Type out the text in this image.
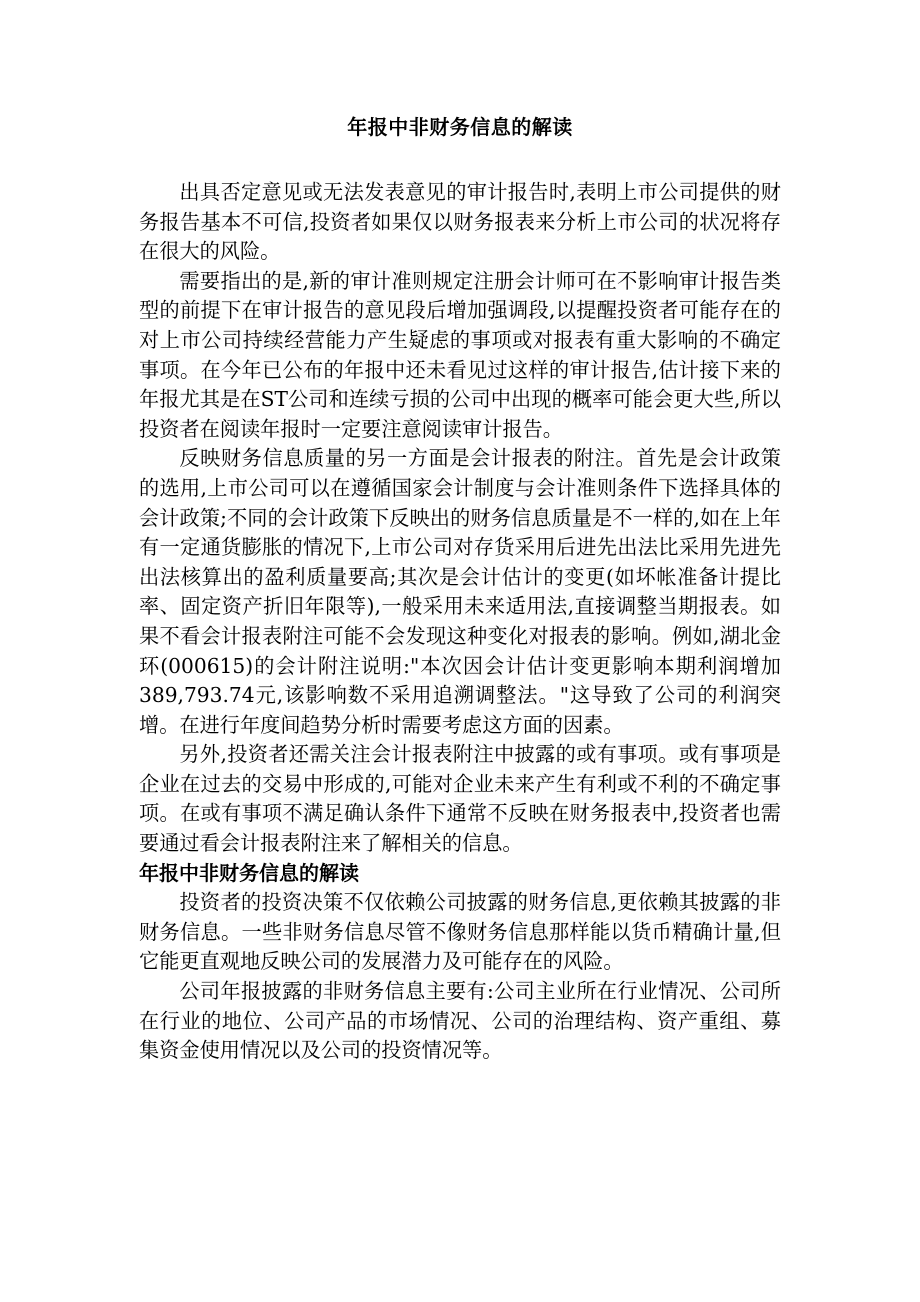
年报中非财务信息的解读

出具否定意见或无法发表意见的审计报告时,表明上市公司提供的财务报告基本不可信,投资者如果仅以财务报表来分析上市公司的状况将存在很大的风险。

需要指出的是,新的审计准则规定注册会计师可在不影响审计报告类型的前提下在审计报告的意见段后增加强调段,以提醒投资者可能存在的对上市公司持续经营能力产生疑虑的事项或对报表有重大影响的不确定事项。在今年已公布的年报中还未看见过这样的审计报告,估计接下来的年报尤其是在ST公司和连续亏损的公司中出现的概率可能会更大些,所以投资者在阅读年报时一定要注意阅读审计报告。

反映财务信息质量的另一方面是会计报表的附注。首先是会计政策的选用,上市公司可以在遵循国家会计制度与会计准则条件下选择具体的会计政策;不同的会计政策下反映出的财务信息质量是不一样的,如在上年有一定通货膨胀的情况下,上市公司对存货采用后进先出法比采用先进先出法核算出的盈利质量要高;其次是会计估计的变更(如坏帐准备计提比率、固定资产折旧年限等),一般采用未来适用法,直接调整当期报表。如果不看会计报表附注可能不会发现这种变化对报表的影响。例如,湖北金环(000615)的会计附注说明:"本次因会计估计变更影响本期利润增加389,793.74元,该影响数不采用追溯调整法。"这导致了公司的利润突增。在进行年度间趋势分析时需要考虑这方面的因素。

另外,投资者还需关注会计报表附注中披露的或有事项。或有事项是企业在过去的交易中形成的,可能对企业未来产生有利或不利的不确定事项。在或有事项不满足确认条件下通常不反映在财务报表中,投资者也需要通过看会计报表附注来了解相关的信息。

年报中非财务信息的解读

投资者的投资决策不仅依赖公司披露的财务信息,更依赖其披露的非财务信息。一些非财务信息尽管不像财务信息那样能以货币精确计量,但它能更直观地反映公司的发展潜力及可能存在的风险。

公司年报披露的非财务信息主要有:公司主业所在行业情况、公司所在行业的地位、公司产品的市场情况、公司的治理结构、资产重组、募集资金使用情况以及公司的投资情况等。
